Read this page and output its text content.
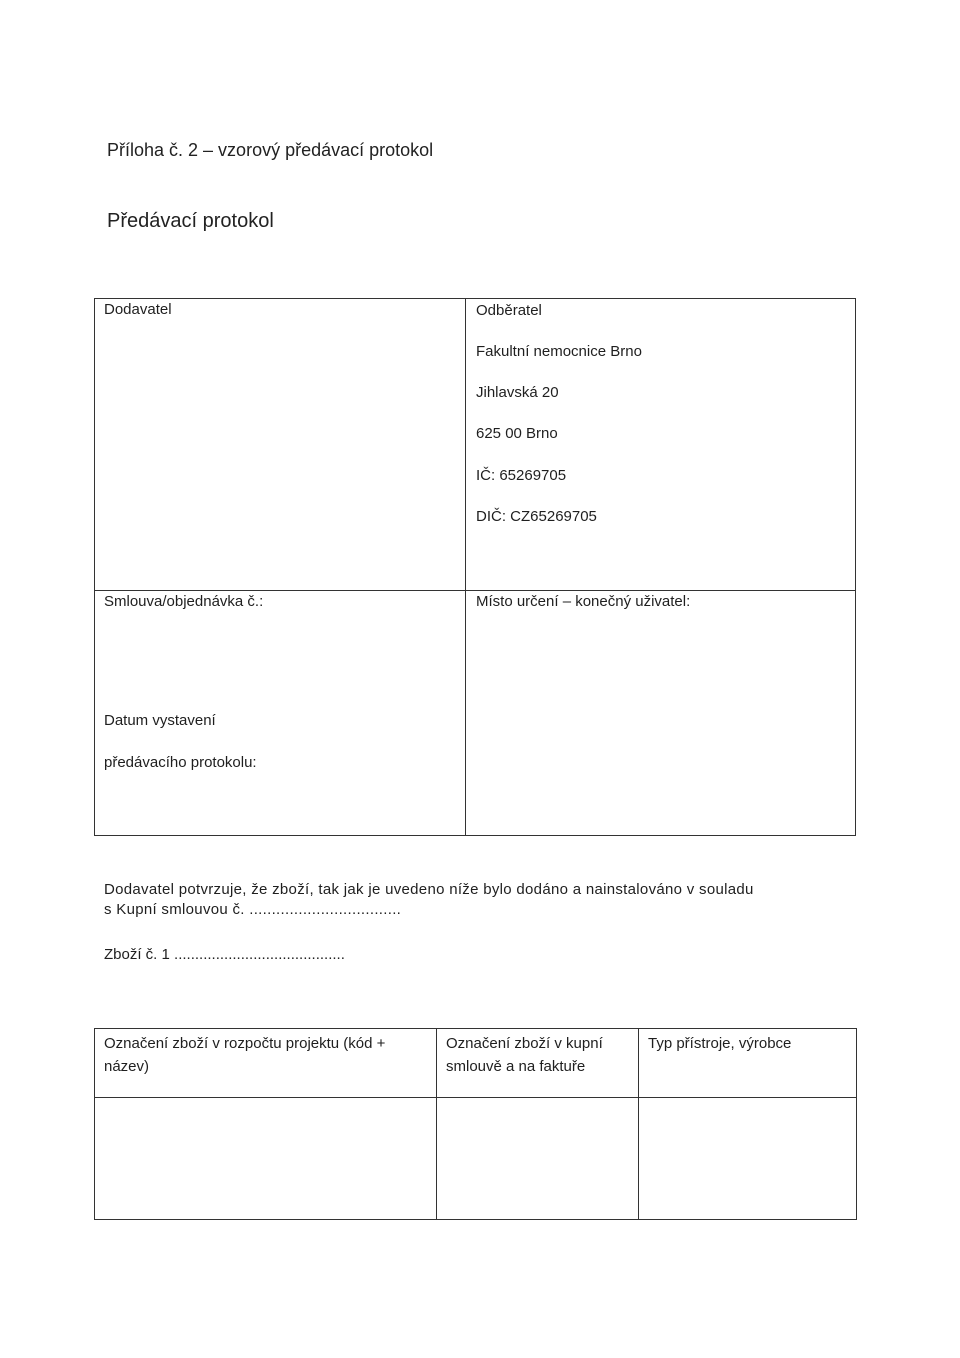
Příloha č. 2 – vzorový předávací protokol
Předávací protokol
Dodavatel	Odběratel
Fakultní nemocnice Brno
Jihlavská 20
625 00 Brno
IČ: 65269705
DIČ: CZ65269705
Smlouva/objednávka č.:	Místo určení – konečný uživatel:
Datum vystavení
předávacího protokolu:
Dodavatel potvrzuje, že zboží, tak jak je uvedeno níže bylo dodáno a nainstalováno v souladu
s Kupní smlouvou č. ..................................
Zboží č. 1 .........................................
Označení zboží v rozpočtu projektu (kód +
název)
Označení zboží v kupní
smlouvě a na faktuře
Typ přístroje, výrobce
